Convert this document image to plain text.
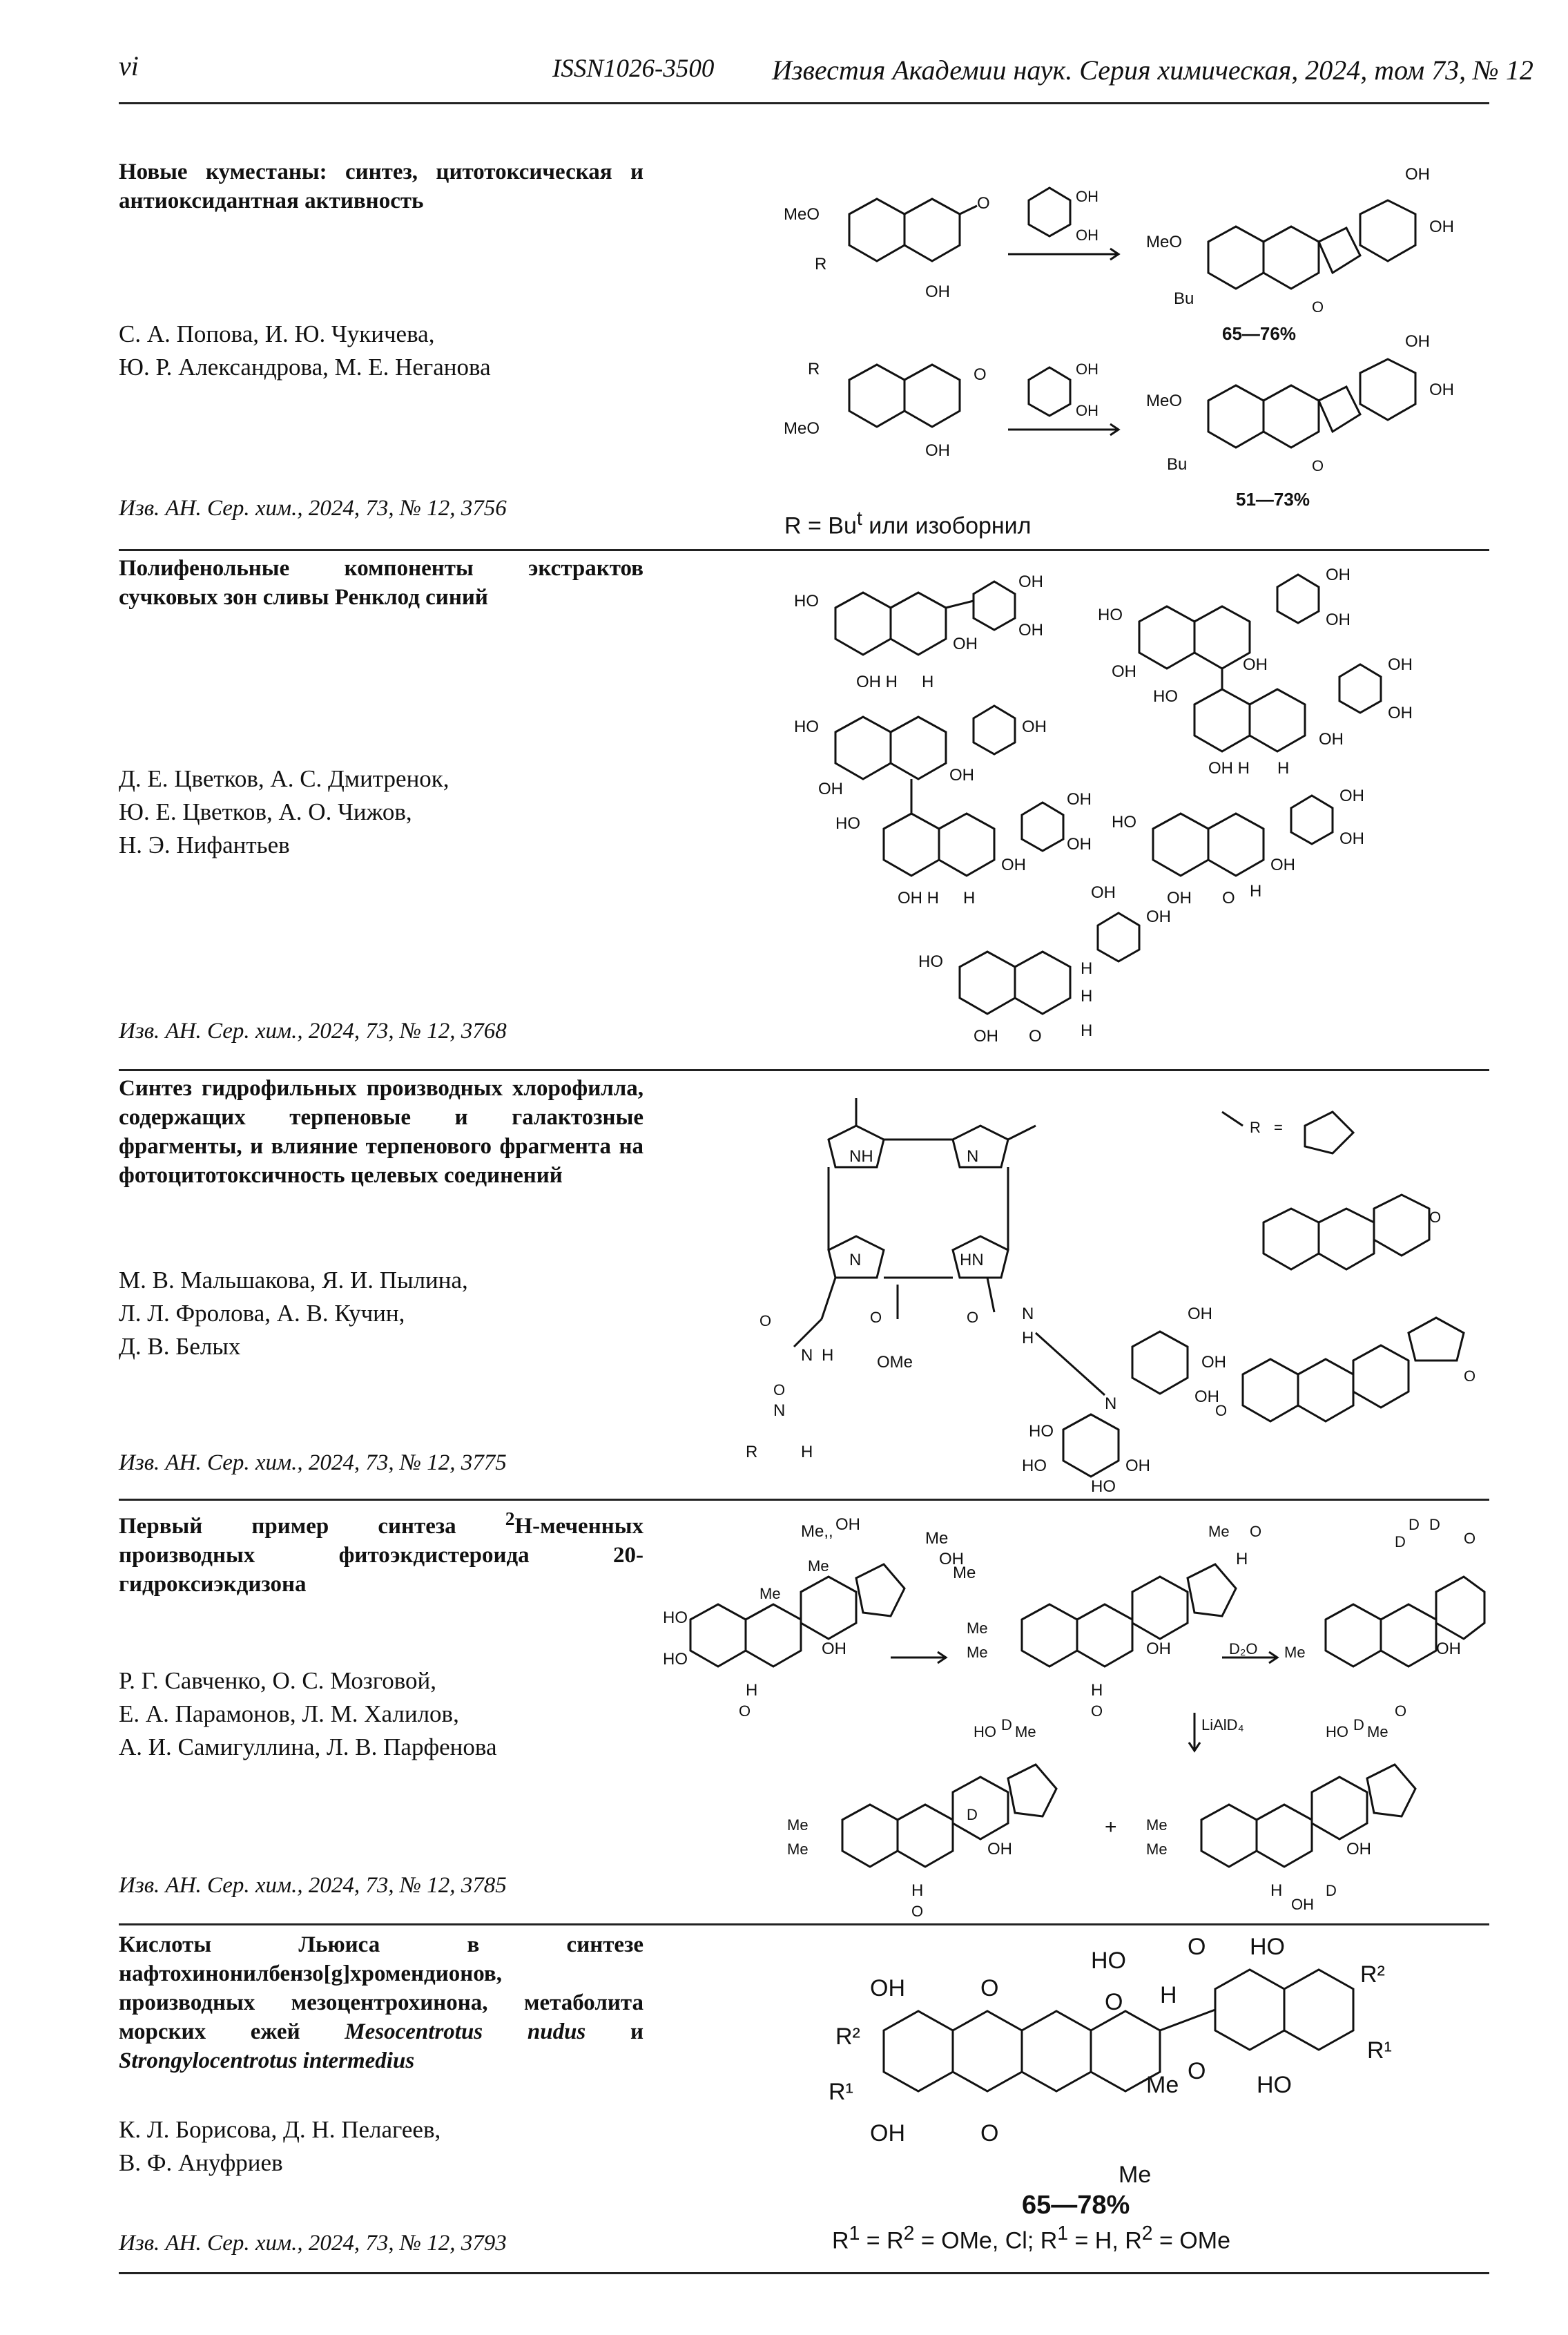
vi	ISSN1026-3500 Известия Академии наук. Серия химическая, 2024, том 73, № 12
Новые куместаны: синтез, цитотоксическая и антиоксидантная активность
С. А. Попова, И. Ю. Чукичева,
Ю. Р. Александрова, М. Е. Неганова
Изв. АН. Сер. хим., 2024, 73, № 12, 3756
MeO
R
OH
O	OH
OH	MeO
Bu
OH
OH
O
R
MeO
OH
O	OH
OH
MeO
Bu
OH
OH
O
65—76%
51—73%
$R = Bu^t$ или изоборнил
Полифенольные компоненты экстрактов сучковых зон сливы Ренклод синий
Д. Е. Цветков, А. С. Дмитренок,
Ю. Е. Цветков, А. О. Чижов,
Н. Э. Нифантьев
Изв. АН. Сер. хим., 2024, 73, № 12, 3768
HO
OH
OH
OH
OH H H
HO
OH
OH
OH
OH
HO
OH
OH
OH
OH H H
HO	OH
OH
OH
HO
OH
OH
OH
OH H H
HO
OH
OH
OH
OH O H
HO
OH
OH
H
H
H
OH O
Синтез гидрофильных производных хлорофилла, содержащих терпеновые и галактозные фрагменты, и влияние терпенового фрагмента на фотоцитотоксичность целевых соединений
М. В. Мальшакова, Я. И. Пылина,
Л. Л. Фролова, А. В. Кучин,
Д. В. Белых
Изв. АН. Сер. хим., 2024, 73, № 12, 3775
NH
N	HN
N
O
N H
O
OMe
O	N
H
N
O
N
R	H
OH
OH
OH
HO
HO	OH
HO
R =
O
O
O
Первый пример синтеза $^2$H-меченных производных фитоэкдистероида 20-гидроксиэкдизона
Р. Г. Савченко, О. С. Мозговой,
Е. А. Парамонов, Л. М. Халилов,
А. И. Самигуллина, Л. В. Парфенова
Изв. АН. Сер. хим., 2024, 73, № 12, 3785
HO
HO
H
O
OH
Me
Me
Me,, OH
Me
OH
Me
Me
Me
O
H
OH
Me O
H
D₂O Me
D D
D	O
O
OH
LiAlD₄
Me
Me
HO D Me
D
OH
H
O
+ Me
Me
HO D Me
OH
H
OH
D
Кислоты Льюиса в синтезе нафтохинонилбензо[g]хромендионов, производных мезоцентрохинона, метаболита морских ежей Mesocentrotus nudus и Strongylocentrotus intermedius
К. Л. Борисова, Д. Н. Пелагеев,
В. Ф. Ануфриев
Изв. АН. Сер. хим., 2024, 73, № 12, 3793
OH	O
R²
R¹
OH	O
O H
Me
Me
HO
O HO
R²
R¹
O
HO
65—78%
$R^1 = R^2$ = OMe, Cl; $R^1 = H$, $R^2$ = OMe
